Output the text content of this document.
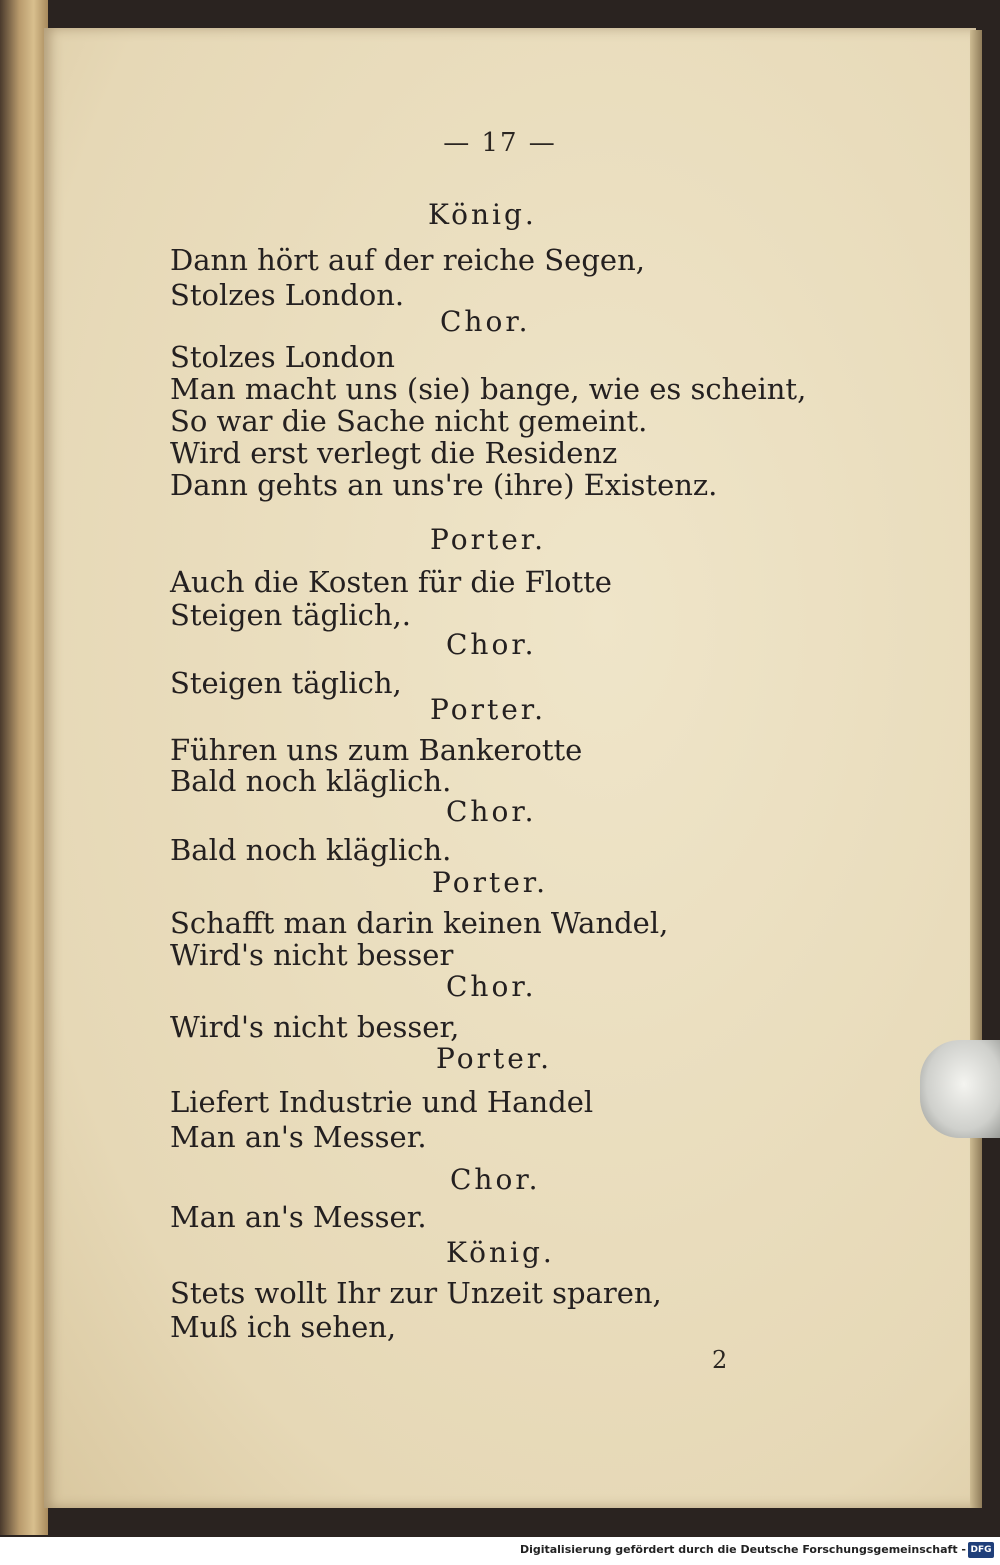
— 17 —
König.
Dann hört auf der reiche Segen,
Stolzes London.
Chor.
Stolzes London
Man macht uns (sie) bange, wie es scheint,
So war die Sache nicht gemeint.
Wird erst verlegt die Residenz
Dann gehts an uns're (ihre) Existenz.
Porter.
Auch die Kosten für die Flotte
Steigen täglich,.
Chor.
Steigen täglich,
Porter.
Führen uns zum Bankerotte
Bald noch kläglich.
Chor.
Bald noch kläglich.
Porter.
Schafft man darin keinen Wandel,
Wird's nicht besser
Chor.
Wird's nicht besser,
Porter.
Liefert Industrie und Handel
Man an's Messer.
Chor.
Man an's Messer.
König.
Stets wollt Ihr zur Unzeit sparen,
Muß ich sehen,
2
Digitalisierung gefördert durch die Deutsche Forschungsgemeinschaft - DFG
